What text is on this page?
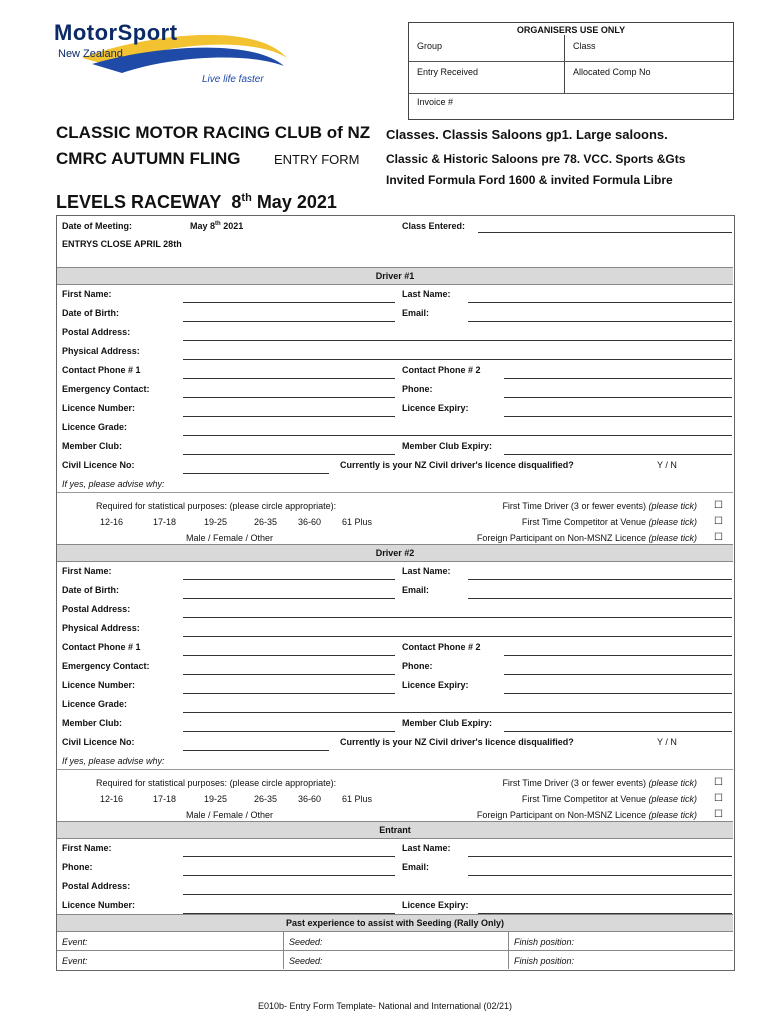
MotorSport
New Zealand
Live life faster
ORGANISERS USE ONLY
Group	Class
Entry Received	Allocated Comp No
Invoice #
CLASSIC MOTOR RACING CLUB of NZ
CMRC AUTUMN FLING	ENTRY FORM
LEVELS RACEWAY 8th May 2021
Classes. Classis Saloons gp1. Large saloons.
Classic & Historic Saloons pre 78. VCC. Sports &Gts
Invited Formula Ford 1600 & invited Formula Libre
Date of Meeting:	May 8th 2021	Class Entered:
ENTRYS CLOSE APRIL 28th
Driver #1
First Name:	Last Name:
Date of Birth:	Email:
Postal Address:
Physical Address:
Contact Phone # 1	Contact Phone # 2
Emergency Contact:	Phone:
Licence Number:	Licence Expiry:
Licence Grade:
Member Club:	Member Club Expiry:
Civil Licence No:	Currently is your NZ Civil driver's licence disqualified?	Y / N
If yes, please advise why:
Required for statistical purposes: (please circle appropriate):
12-16	17-18	19-25	26-35 36-60 61 Plus
Male / Female / Other
First Time Driver (3 or fewer events) (please tick) ☐
First Time Competitor at Venue (please tick) ☐
Foreign Participant on Non-MSNZ Licence (please tick) ☐
Driver #2
First Name:	Last Name:
Date of Birth:	Email:
Postal Address:
Physical Address:
Contact Phone # 1	Contact Phone # 2
Emergency Contact:	Phone:
Licence Number:	Licence Expiry:
Licence Grade:
Member Club:	Member Club Expiry:
Civil Licence No:	Currently is your NZ Civil driver's licence disqualified?	Y / N
If yes, please advise why:
Required for statistical purposes: (please circle appropriate):
12-16	17-18	19-25	26-35 36-60 61 Plus
Male / Female / Other
First Time Driver (3 or fewer events) (please tick) ☐
First Time Competitor at Venue (please tick) ☐
Foreign Participant on Non-MSNZ Licence (please tick) ☐
Entrant
First Name:	Last Name:
Phone:	Email:
Postal Address:
Licence Number:	Licence Expiry:
Past experience to assist with Seeding (Rally Only)
Event:	Seeded:	Finish position:
Event:	Seeded:	Finish position:
E010b- Entry Form Template- National and International (02/21)
